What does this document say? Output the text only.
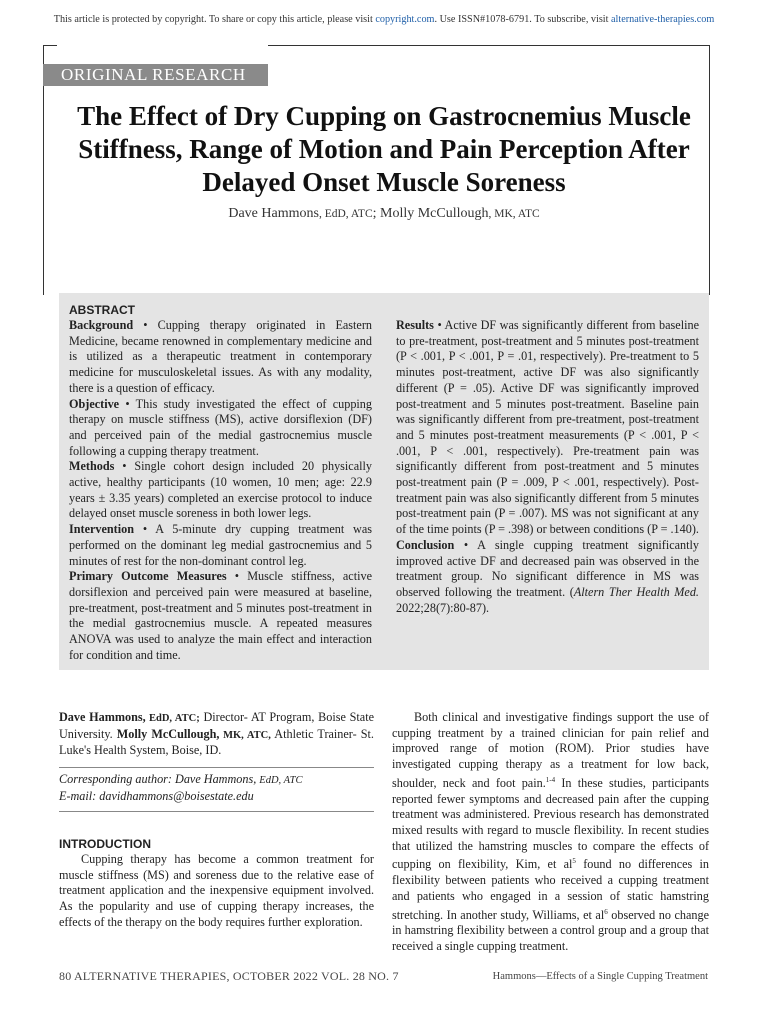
This article is protected by copyright. To share or copy this article, please visit copyright.com. Use ISSN#1078-6791. To subscribe, visit alternative-therapies.com
ORIGINAL RESEARCH
The Effect of Dry Cupping on Gastrocnemius Muscle Stiffness, Range of Motion and Pain Perception After Delayed Onset Muscle Soreness
Dave Hammons, EdD, ATC; Molly McCullough, MK, ATC
ABSTRACT

Background • Cupping therapy originated in Eastern Medicine, became renowned in complementary medicine and is utilized as a therapeutic treatment in contemporary medicine for musculoskeletal issues. As with any modality, there is a question of efficacy.

Objective • This study investigated the effect of cupping therapy on muscle stiffness (MS), active dorsiflexion (DF) and perceived pain of the medial gastrocnemius muscle following a cupping therapy treatment.

Methods • Single cohort design included 20 physically active, healthy participants (10 women, 10 men; age: 22.9 years ± 3.35 years) completed an exercise protocol to induce delayed onset muscle soreness in both lower legs.

Intervention • A 5-minute dry cupping treatment was performed on the dominant leg medial gastrocnemius and 5 minutes of rest for the non-dominant control leg.

Primary Outcome Measures • Muscle stiffness, active dorsiflexion and perceived pain were measured at baseline, pre-treatment, post-treatment and 5 minutes post-treatment in the medial gastrocnemius muscle. A repeated measures ANOVA was used to analyze the main effect and interaction for condition and time.

Results • Active DF was significantly different from baseline to pre-treatment, post-treatment and 5 minutes post-treatment (P < .001, P < .001, P = .01, respectively). Pre-treatment to 5 minutes post-treatment, active DF was also significantly different (P = .05). Active DF was significantly improved post-treatment and 5 minutes post-treatment. Baseline pain was significantly different from pre-treatment, post-treatment and 5 minutes post-treatment measurements (P < .001, P < .001, P < .001, respectively). Pre-treatment pain was significantly different from post-treatment and 5 minutes post-treatment pain (P = .009, P < .001, respectively). Post-treatment pain was also significantly different from 5 minutes post-treatment pain (P = .007). MS was not significant at any of the time points (P = .398) or between conditions (P = .140).

Conclusion • A single cupping treatment significantly improved active DF and decreased pain was observed in the treatment group. No significant difference in MS was observed following the treatment. (Altern Ther Health Med. 2022;28(7):80-87).

Dave Hammons, EdD, ATC; Director- AT Program, Boise State University. Molly McCullough, MK, ATC, Athletic Trainer- St. Luke's Health System, Boise, ID.
Corresponding author: Dave Hammons, EdD, ATC
E-mail: davidhammons@boisestate.edu
INTRODUCTION

Cupping therapy has become a common treatment for muscle stiffness (MS) and soreness due to the relative ease of treatment application and the inexpensive equipment involved. As the popularity and use of cupping therapy increases, the effects of the therapy on the body requires further exploration.

Both clinical and investigative findings support the use of cupping treatment by a trained clinician for pain relief and improved range of motion (ROM). Prior studies have investigated cupping therapy as a treatment for low back, shoulder, neck and foot pain.$^{1-4}$ In these studies, participants reported fewer symptoms and decreased pain after the cupping treatment was administered. Previous research has demonstrated mixed results with regard to muscle flexibility. In recent studies that utilized the hamstring muscles to compare the effects of cupping on flexibility, Kim, et $al^5$ found no differences in flexibility between patients who received a cupping treatment and patients who engaged in a session of static hamstring stretching. In another study, Williams, et $al^6$ observed no change in hamstring flexibility between a control group and a group that received a single cupping treatment.

80 ALTERNATIVE THERAPIES, OCTOBER 2022 VOL. 28 NO. 7	Hammons—Effects of a Single Cupping Treatment
